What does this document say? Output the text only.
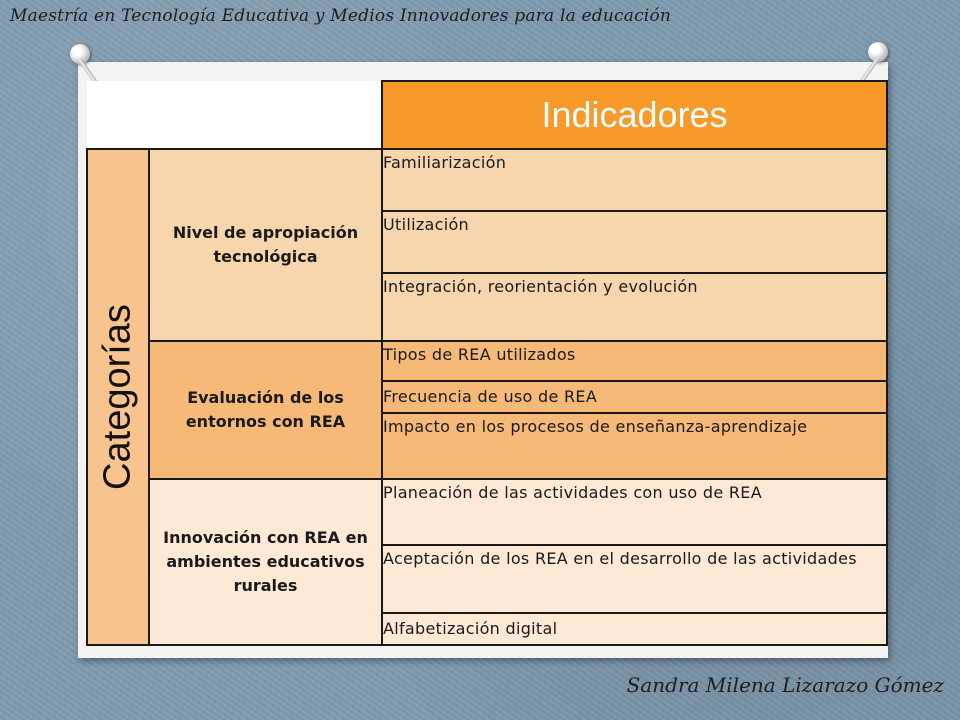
Maestría en Tecnología Educativa y Medios Innovadores para la educación
		Indicadores

Categorías	Nivel de apropiación tecnológica	Familiarización
		Utilización
		Integración, reorientación y evolución
	Evaluación de los entornos con REA	Tipos de REA utilizados
		Frecuencia de uso de REA
		Impacto en los procesos de enseñanza-aprendizaje
	Innovación con REA en ambientes educativos rurales	Planeación de las actividades con uso de REA
		Aceptación de los REA en el desarrollo de las actividades
		Alfabetización digital
Sandra Milena Lizarazo Gómez
